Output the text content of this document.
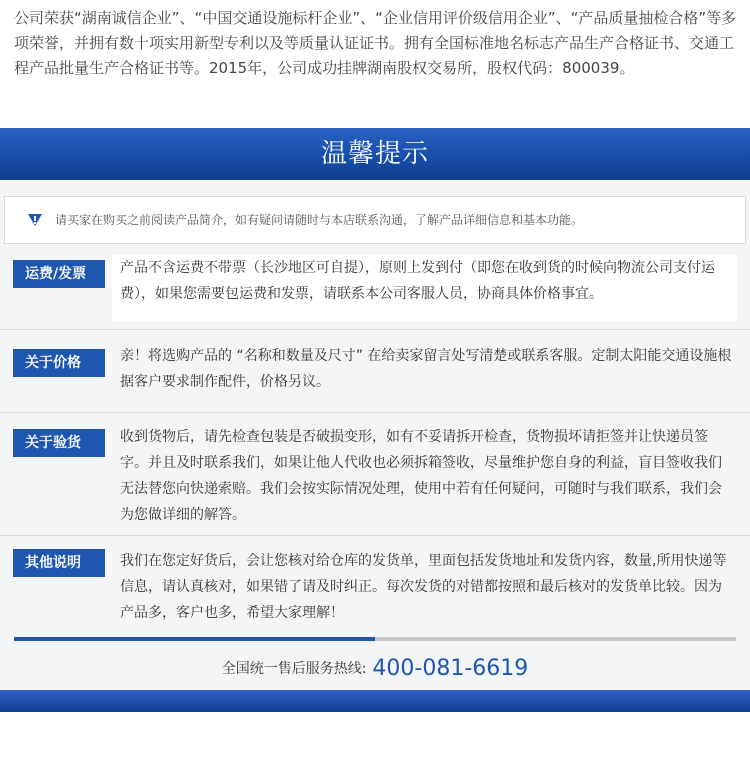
公司荣获“湖南诚信企业”、“中国交通设施标杆企业”、“企业信用评价级信用企业”、“产品质量抽检合格”等多项荣誉，并拥有数十项实用新型专利以及等质量认证证书。拥有全国标准地名标志产品生产合格证书、交通工程产品批量生产合格证书等。2015年，公司成功挂牌湖南股权交易所，股权代码：800039。
温馨提示
请买家在购买之前阅读产品简介，如有疑问请随时与本店联系沟通，了解产品详细信息和基本功能。
运费/发票	产品不含运费不带票（长沙地区可自提），原则上发到付（即您在收到货的时候向物流公司支付运费），如果您需要包运费和发票，请联系本公司客服人员，协商具体价格事宜。
关于价格	亲！将选购产品的 “名称和数量及尺寸” 在给卖家留言处写清楚或联系客服。定制太阳能交通设施根据客户要求制作配件，价格另议。
关于验货	收到货物后，请先检查包装是否破损变形，如有不妥请拆开检查，货物损坏请拒签并让快递员签字。并且及时联系我们，如果让他人代收也必须拆箱签收，尽量维护您自身的利益，盲目签收我们无法替您向快递索赔。我们会按实际情况处理，使用中若有任何疑问，可随时与我们联系，我们会为您做详细的解答。
其他说明	我们在您定好货后，会让您核对给仓库的发货单，里面包括发货地址和发货内容，数量,所用快递等信息，请认真核对，如果错了请及时纠正。每次发货的对错都按照和最后核对的发货单比较。因为产品多，客户也多，希望大家理解！
全国统一售后服务热线: 400-081-6619
